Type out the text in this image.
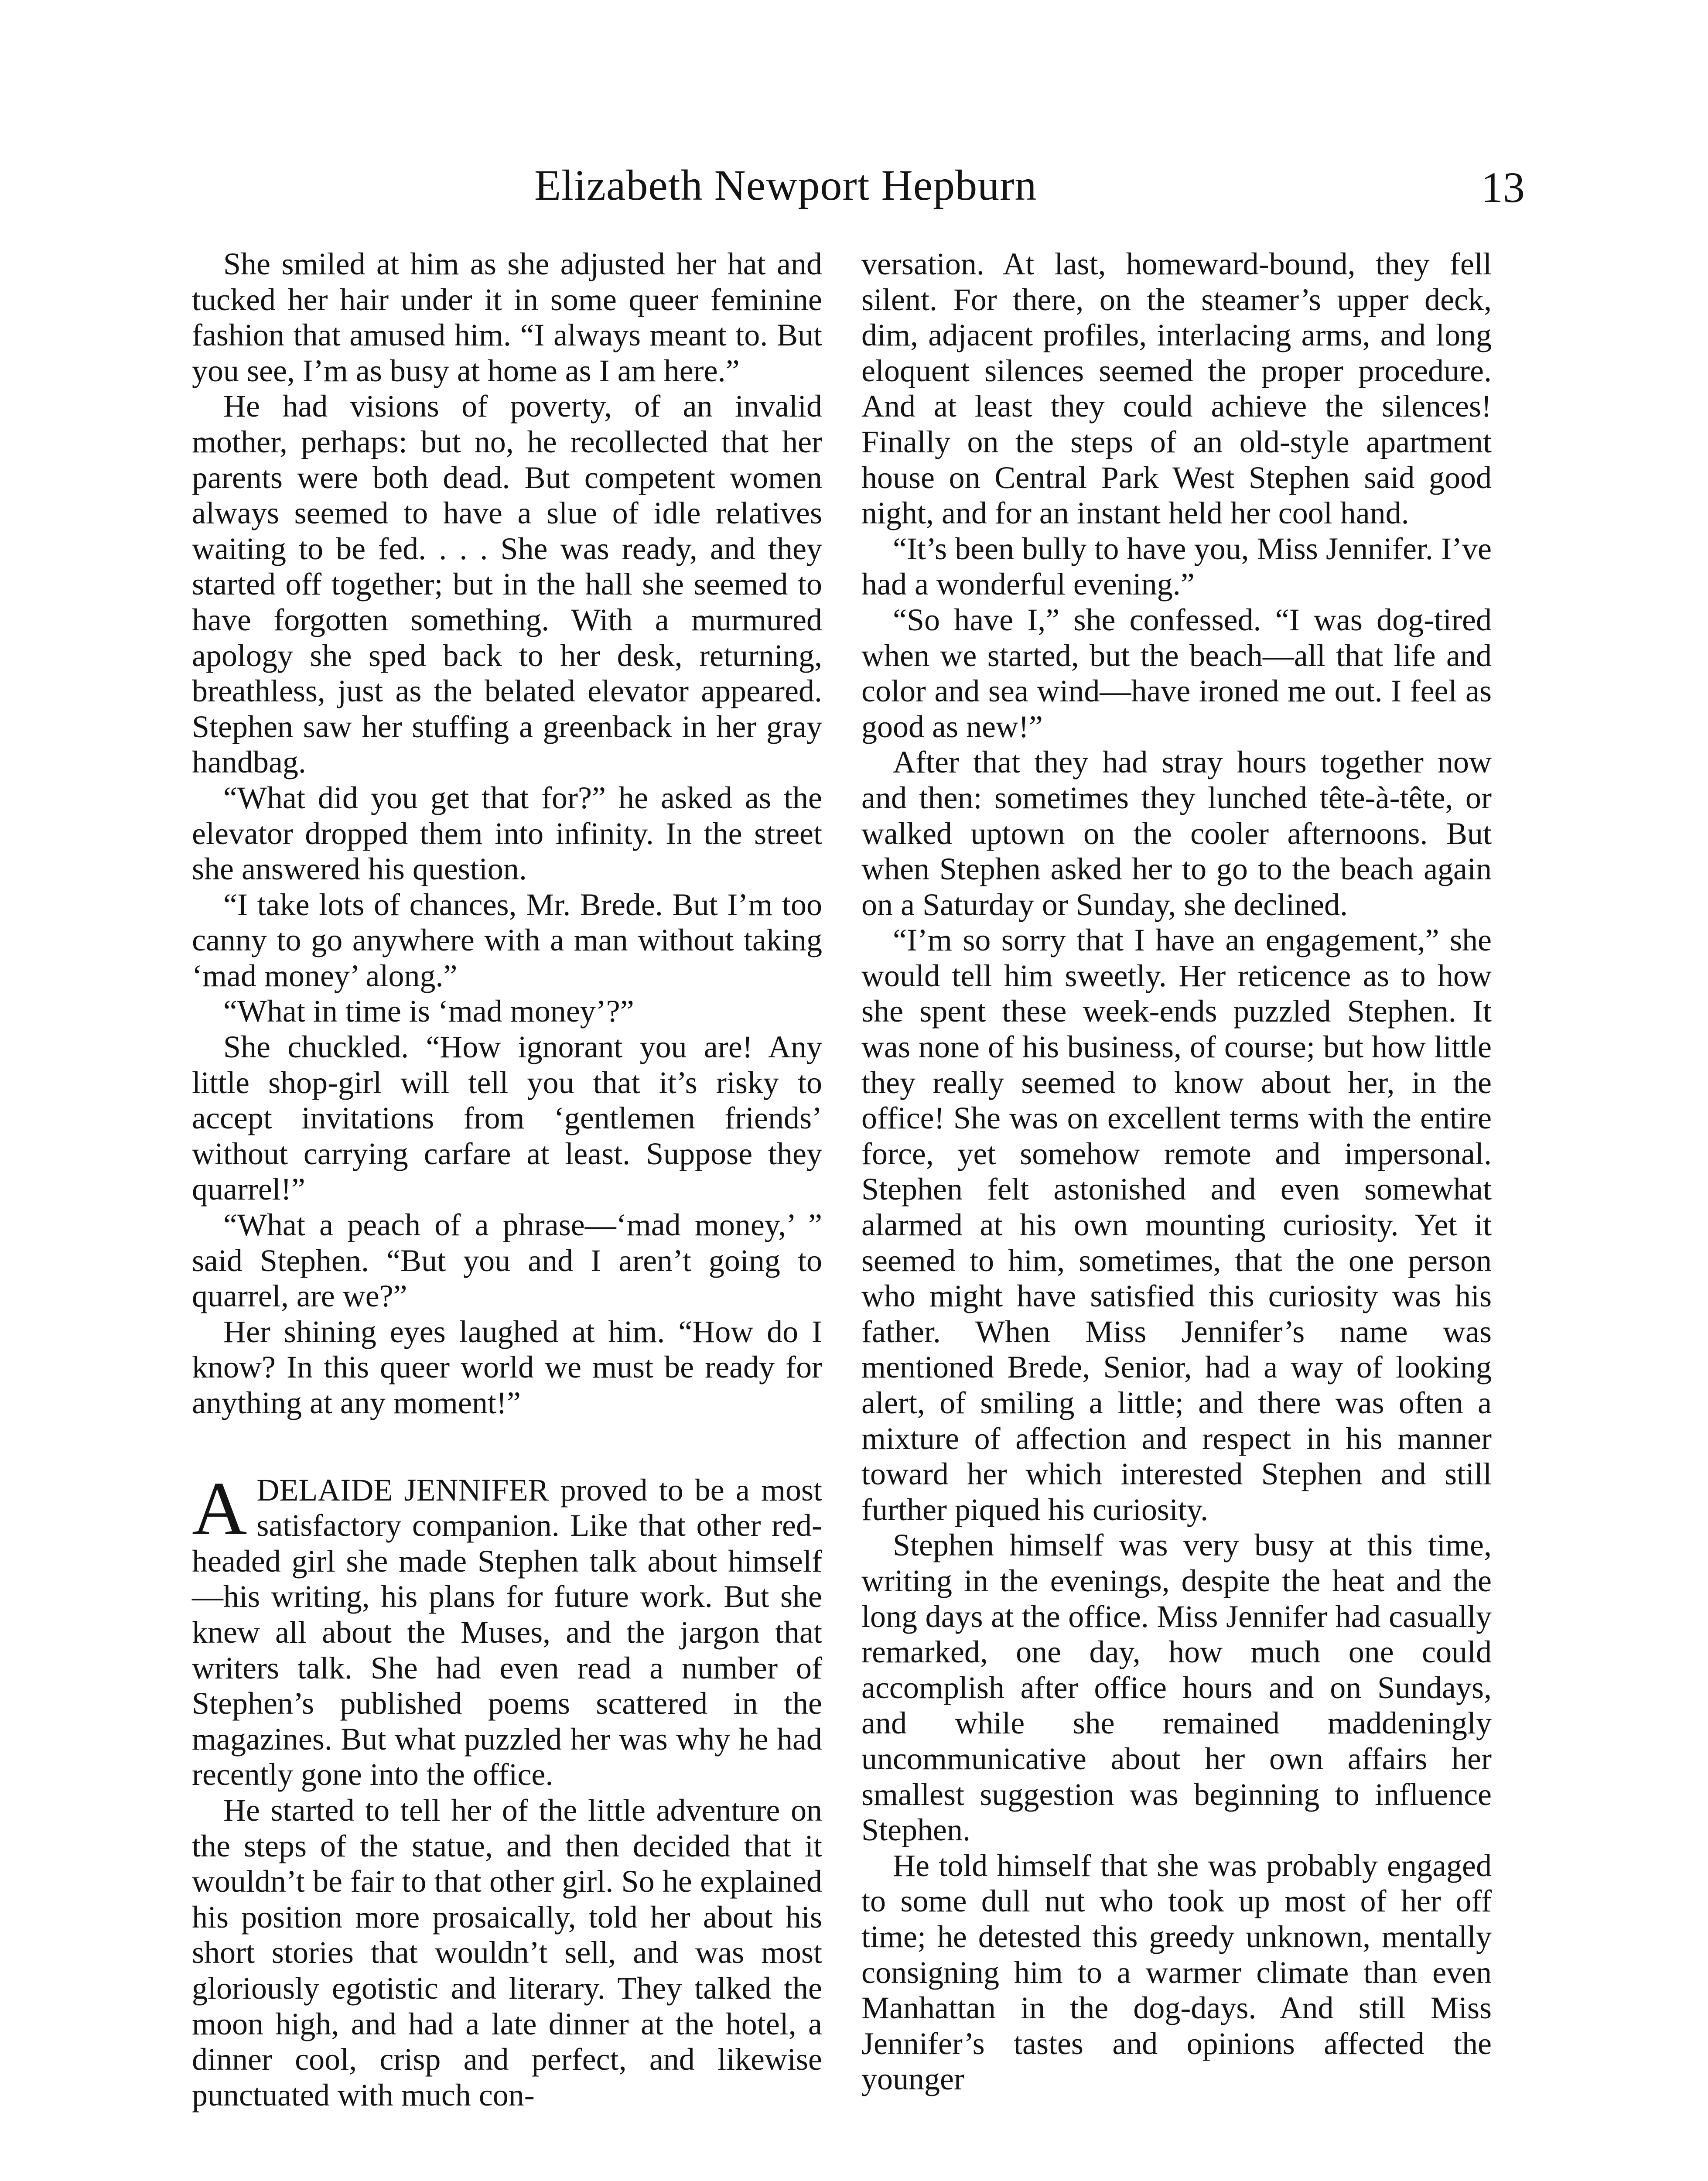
Elizabeth Newport Hepburn	13

She smiled at him as she adjusted her hat and tucked her hair under it in some queer feminine fashion that amused him. “I always meant to. But you see, I’m as busy at home as I am here.”

He had visions of poverty, of an invalid mother, perhaps: but no, he recollected that her parents were both dead. But competent women always seemed to have a slue of idle relatives waiting to be fed. . . . She was ready, and they started off together; but in the hall she seemed to have forgotten something. With a murmured apology she sped back to her desk, returning, breathless, just as the belated elevator appeared. Stephen saw her stuffing a greenback in her gray handbag.

“What did you get that for?” he asked as the elevator dropped them into infinity. In the street she answered his question.

“I take lots of chances, Mr. Brede. But I’m too canny to go anywhere with a man without taking ‘mad money’ along.”

“What in time is ‘mad money’?”

She chuckled. “How ignorant you are! Any little shop-girl will tell you that it’s risky to accept invitations from ‘gentlemen friends’ without carrying carfare at least. Suppose they quarrel!”

“What a peach of a phrase—‘mad money,’ ” said Stephen. “But you and I aren’t going to quarrel, are we?”

Her shining eyes laughed at him. “How do I know? In this queer world we must be ready for anything at any moment!”

ADELAIDE JENNIFER proved to be a most satisfactory companion. Like that other red-headed girl she made Stephen talk about himself—his writing, his plans for future work. But she knew all about the Muses, and the jargon that writers talk. She had even read a number of Stephen’s published poems scattered in the magazines. But what puzzled her was why he had recently gone into the office.

He started to tell her of the little adventure on the steps of the statue, and then decided that it wouldn’t be fair to that other girl. So he explained his position more prosaically, told her about his short stories that wouldn’t sell, and was most gloriously egotistic and literary. They talked the moon high, and had a late dinner at the hotel, a dinner cool, crisp and perfect, and likewise punctuated with much con-

versation. At last, homeward-bound, they fell silent. For there, on the steamer’s upper deck, dim, adjacent profiles, interlacing arms, and long eloquent silences seemed the proper procedure. And at least they could achieve the silences! Finally on the steps of an old-style apartment house on Central Park West Stephen said good night, and for an instant held her cool hand.

“It’s been bully to have you, Miss Jennifer. I’ve had a wonderful evening.”

“So have I,” she confessed. “I was dog-tired when we started, but the beach—all that life and color and sea wind—have ironed me out. I feel as good as new!”

After that they had stray hours together now and then: sometimes they lunched tête-à-tête, or walked uptown on the cooler afternoons. But when Stephen asked her to go to the beach again on a Saturday or Sunday, she declined.

“I’m so sorry that I have an engagement,” she would tell him sweetly. Her reticence as to how she spent these week-ends puzzled Stephen. It was none of his business, of course; but how little they really seemed to know about her, in the office! She was on excellent terms with the entire force, yet somehow remote and impersonal. Stephen felt astonished and even somewhat alarmed at his own mounting curiosity. Yet it seemed to him, sometimes, that the one person who might have satisfied this curiosity was his father. When Miss Jennifer’s name was mentioned Brede, Senior, had a way of looking alert, of smiling a little; and there was often a mixture of affection and respect in his manner toward her which interested Stephen and still further piqued his curiosity.

Stephen himself was very busy at this time, writing in the evenings, despite the heat and the long days at the office. Miss Jennifer had casually remarked, one day, how much one could accomplish after office hours and on Sundays, and while she remained maddeningly uncommunicative about her own affairs her smallest suggestion was beginning to influence Stephen.

He told himself that she was probably engaged to some dull nut who took up most of her off time; he detested this greedy unknown, mentally consigning him to a warmer climate than even Manhattan in the dog-days. And still Miss Jennifer’s tastes and opinions affected the younger
